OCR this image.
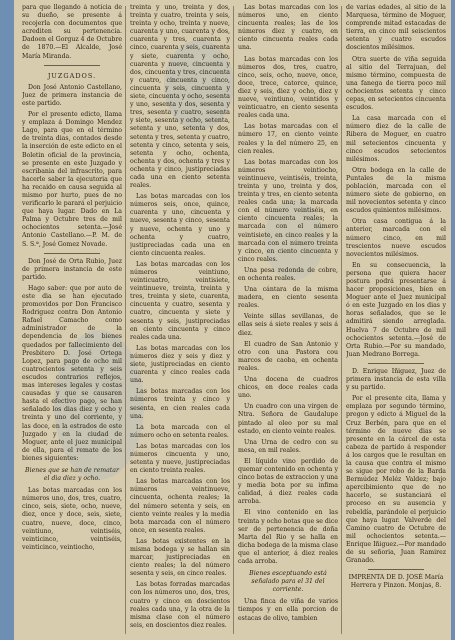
para que llegando á noticia de su dueño, se presente á recojerla con documentos que acrediten su pertenencia. Dadoen el Gorguz 4 de Octubre de 1870.—El Alcalde, José María Miranda.

JUZGADOS.

Don José Antonio Castellano, Juez de primera instancia de este partido.

Por el presente edicto, llama y emplaza á Domingo Mendez Lago, para que en el término de treinta dias, contados desde la inserción de este edicto en el Boletin oficial de la provincia, se presente en este Juzgado y escribania del infrascrito, para hacerle saber la ejecutoria que ha recaido en causa seguida al mismo por hurto, pues de no verificarlo le parará el perjuicio que haya lugar. Dado en La Palma y Octubre tres de mil ochocientos setenta.—José Antonio Castellano.—P. M. de S. S.ª, José Gomez Novade.

Don José de Orta Rubio, Juez de primera instancia de este partido.

Hago saber: que por auto de este dia se han ejecutado promovidos por Don Francisco Rodriguez contra Don Antonio Rafael Camacho como administrador de la dependencia de los bienes quedados por fallecimiento del Presbitero D. José Ortega Lopez, para pago de ocho mil cuatrocientos setenta y seis escudos contrarios reflejos, mas intereses legales y costas causadas y que se causaren hasta el efectivo pago, se han señalado los dias diez y ocho y treinta y uno del corriente, y las doce, en la estrados de este Juzgado y en la ciudad de Moguer, ante el juez municipal de ella, para el remate de los bienes siguientes:

Bienes que se han de rematar el dia diez y ocho.

Las botas marcadas con los números uno, dos, tres, cuatro, cinco, seis, siete, ocho, nueve, diez, once y doce, seis, siete, cuatro, nueve, doce, cinco, veintiuno, veintiséis, veinticinco, veintiséis, veinticinco, veintiocho,

treinta y uno, treinta y dos, treinta y cuatro, treinta y seis, treinta y ocho, treinta y nueve, cuarenta y uno, cuarenta y dos, cuarenta y tres, cuarenta y cinco, cuarenta y seis, cuarenta y siete, cuarenta y ocho, cuarenta y nueve, cincuenta y dos, cincuenta y tres, cincuenta y cuatro, cincuenta y cinco, cincuenta y seis, cincuenta y siete, cincuenta y ocho, sesenta y uno, sesenta y dos, sesenta y tres, sesenta y cuatro, sesenta y siete, sesenta y ocho, setenta, setenta y uno, setenta y dos, setenta y tres, setenta y cuatro, setenta y cinco, setenta y seis, setenta y ocho, ochenta, ochenta y dos, ochenta y tres y ochenta y cinco, justipreciadas cada una en ciento setenta reales.

Las botas marcadas con los números seis, once, quince, cuarenta y uno, cincuenta y nueve, sesenta y cinco, sesenta y nueve, ochenta y uno y ochenta y cuatro, justipreciadas cada una en ciento cincuenta reales.

Las botas marcadas con los números veintiuno, veinticuatro, veintisiete, veintinueve, treinta, treinta y tres, treinta y siete, cuarenta, cincuenta y cuatro, sesenta y cuatro, cincuenta y siete y sesenta y seis, justipreciadas en ciento cincuenta y cinco reales cada una.

Las botas marcadas con los números diez y seis y diez y siete, justipreciadas en ciento cuarenta y cinco reales cada una.

Las botas marcadas con los números treinta y cinco y sesenta, en cien reales cada una.

La bota marcada con el número ocho en setenta reales.

Las botas marcadas con los números cincuenta y uno, setenta y nueve, justipreciadas en ciento treinta reales.

Las botas marcadas con los números veintinueve, cincuenta, ochenta reales; la del número setenta y seis, en ciento veinte reales y la media bota marcada con el número once, en sesenta reales.

Las botas existentes en la misma bodega y se hallan sin marcar, justipreciadas en ciento reales; la del número sesenta y seis, en cinco reales.

Las botas forradas marcadas con los números uno, dos, tres, cuatro y cinco en doscientos reales cada una, y la otra de la misma clase con el número seis, en doscientos diez reales.

Las botas marcadas con los números uno, en ciento cincuenta reales; las de los números diez y cuatro, en ciento cincuenta reales cada una.

Las botas marcadas con los números dos, tres, cuatro, cinco, seis, ocho, nueve, once, doce, trece, catorce, quince, diez y seis, diez y ocho, diez y nueve, veintiuno, veintidos y veinticuatro, en ciento sesenta reales cada una.

Las botas marcadas con el número 17, en ciento veinte reales y la del número 25, en cien reales.

Las botas marcadas con los números veintiocho, veintinueve, veintiséis, treinta, treinta y uno, treinta y dos, treinta y tres, en ciento setenta reales cada una; la marcada con el número veintiséis, en ciento cincuenta reales; la marcada con el número veintisiete, en cinco reales y la marcada con el número treinta y cinco, en ciento cincuenta y cinco reales.

Una pesa redonda de cobre, en ochenta reales.

Una cántara de la misma madera, en ciento sesenta reales.

Veinte sillas sevillanas, de ellas seis á siete reales y seis á diez.

El cuadro de San Antonio y otro con una Pastora cou marcos de caoba, en ochenta reales.

Una docena de cuadros chicos, en doce reales cada uno.

Un cuadro con una virgen de Ntra. Señora de Gaudalupe pintado al oleo por su mal estado, en ciento veinte reales.

Una Urna de cedro con su mesa, en mil reales.

El líquido vino perdido de quemar contenido en ochenta y cinco botas de extraccion y una y media bota por su infima calidad, á diez reales cada arroba.

El vino contenido en las treinta y ocho botas que se dice ser de pertenencia de doña Marta del Rio y se halla en dicha bodega de la misma clase que el anterior, á diez reales cada arroba.

Bienes esceptuando está señalado para el 31 del corriente.

Una finca de viña de varios tiempos y en ella porcion de estacas de olivo, tambien

de varias edades, al sitio de la Marquesa, término de Moguer, comprende mitad estacadas de tierra, en cinco mil seiscientos setenta y cuatro escudos doscientos milésimos.

Otra suerte de viña seguida al sitio del Terrajuan, del mismo término, compuesta de una fanega de tierra poco mil ochocientos setenta y cinco cepas, en setecientos cincuenta escudos.

La casa marcada con el número diez de la calle de Ribera de Moguer, en cuatro mil setecientos cincuenta y cinco escudos setecientos milésimos.

Otra bodega en la calle de Puntales de la misma población, marcada con el número siete de gobierno, en mil novecientos setenta y cinco escudos quinientos milésimos.

Otra casa contigua á la anterior, marcada con el número cinco, en mil trescientos nueve escudos novecientos milésimos.

En su consecuencia, la persona que quiera hacer postura podrá presentarse á hacer proposiciones, bien en Moguer ante el Juez municipal ó en este Juzgado en los dias y horas señalados, que se le admitirá siendo arreglada. Huelva 7 de Octubre de mil ochocientos setenta.—José de Orta Rubio.—Por su mandado, Juan Medrano Borrega.

D. Enrique Iñiguez, Juez de primera instancia de esta villa y su partido.

Por el presente cita, llama y emplaza por segundo término, pregon y edicto á Miguel de la Cruz Berbén, para que en el término de nueve dias se presente en la cárcel de esta cabeza de partido á responder á los cargos que le resultan en la causa que contra el mismo se sigue por robo de la Barda Bermúdez Meléz Valdez; bajo apercibimiento que de no hacerlo, se sustanciará el proceso en su ausencia y rebeldía, parándole el perjuicio que haya lugar. Valverde del Camino cuatro de Octubre de mil ochocientos setenta.—Enrique Iñiguez.—Por mandado de su señoria, Juan Ramirez Granado.

IMPRENTA DE D. JOSÉ María Herrera y Pinzon. Monjas, 8.
